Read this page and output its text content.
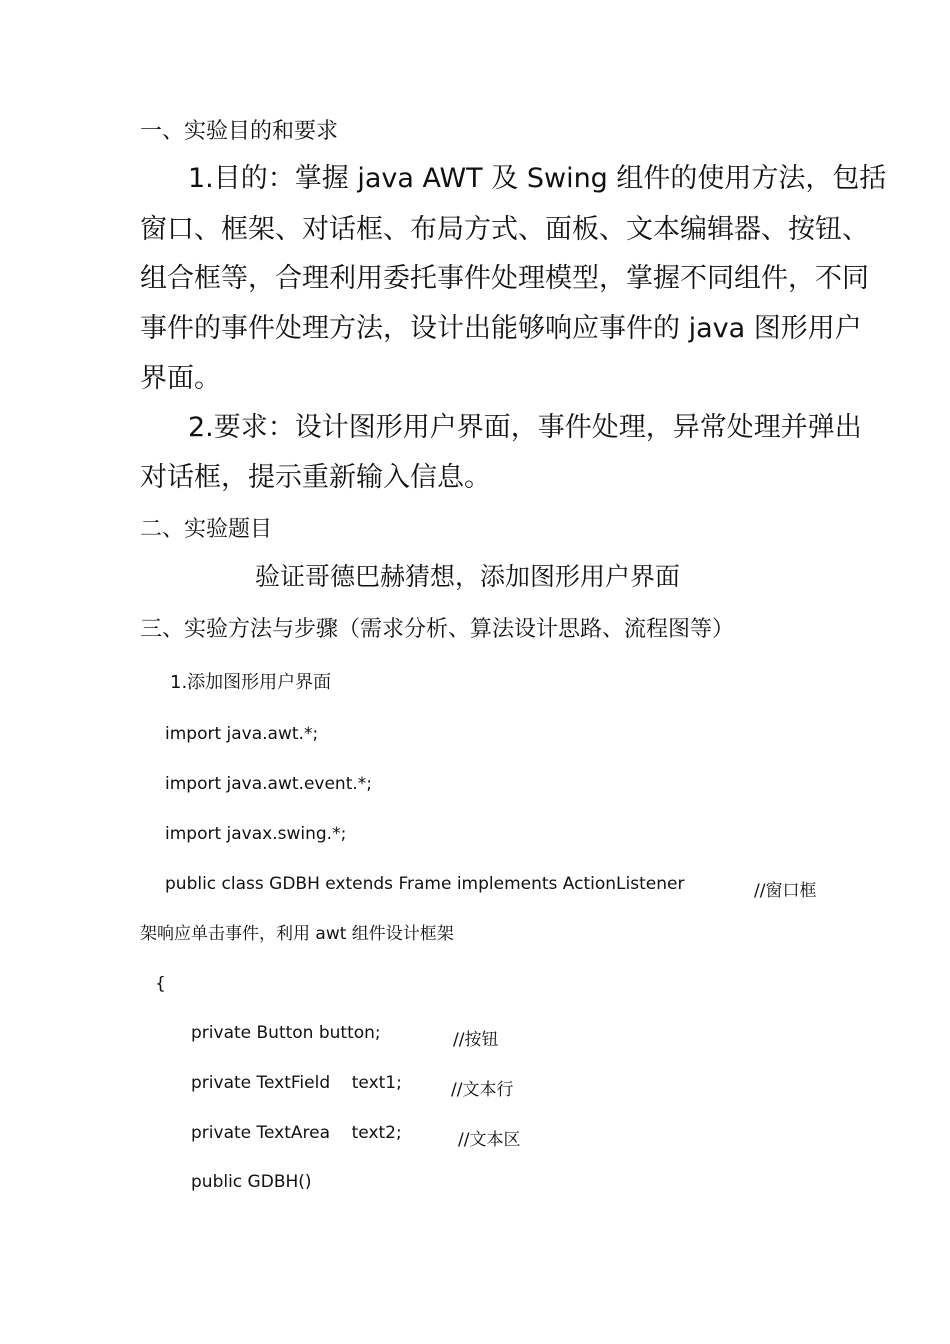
一、实验目的和要求
1.目的：掌握 java AWT 及 Swing 组件的使用方法，包括
窗口、框架、对话框、布局方式、面板、文本编辑器、按钮、
组合框等，合理利用委托事件处理模型，掌握不同组件，不同
事件的事件处理方法，设计出能够响应事件的 java 图形用户
界面。
2.要求：设计图形用户界面，事件处理，异常处理并弹出
对话框，提示重新输入信息。
二、实验题目
验证哥德巴赫猜想，添加图形用户界面
三、实验方法与步骤（需求分析、算法设计思路、流程图等）
1.添加图形用户界面
import java.awt.*;
import java.awt.event.*;
import javax.swing.*;
public class GDBH extends Frame implements ActionListener	//窗口框
架响应单击事件，利用 awt 组件设计框架
{
private Button button;	//按钮
private TextField    text1;	//文本行
private TextArea    text2;	//文本区
public GDBH()
